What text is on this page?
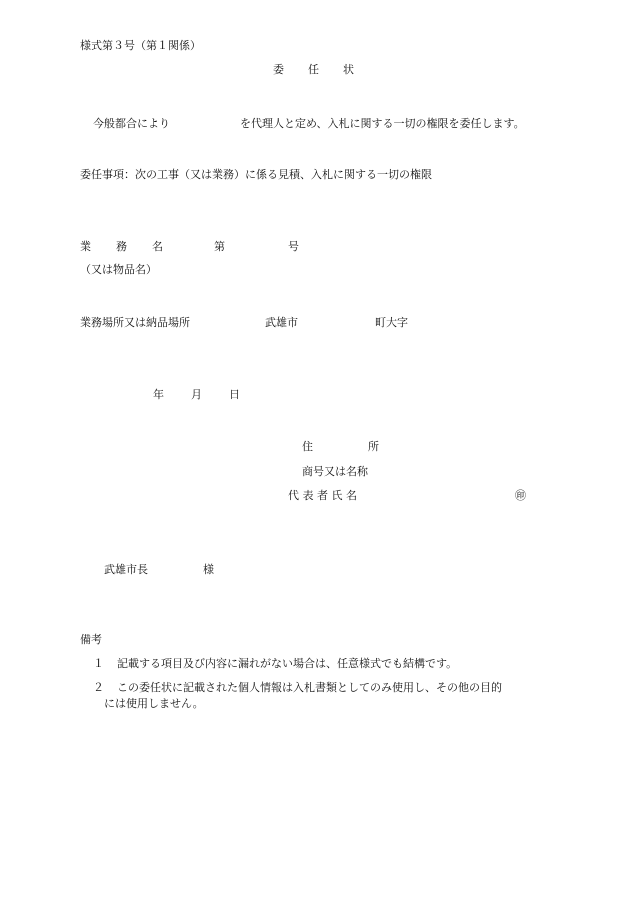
様式第３号（第１関係）
委 任 状
今般都合により	を代理人と定め、入札に関する一切の権限を委任します。
委任事項：次の工事（又は業務）に係る見積、入札に関する一切の権限
業 務 名	第	号
（又は物品名）
業務場所又は納品場所	武雄市	町大字
年 月 日
住	所
商号又は名称
代 表 者 氏 名	㊞
武雄市長	様
備考
１ 記載する項目及び内容に漏れがない場合は、任意様式でも結構です。
２ この委任状に記載された個人情報は入札書類としてのみ使用し、その他の目的
には使用しません。
